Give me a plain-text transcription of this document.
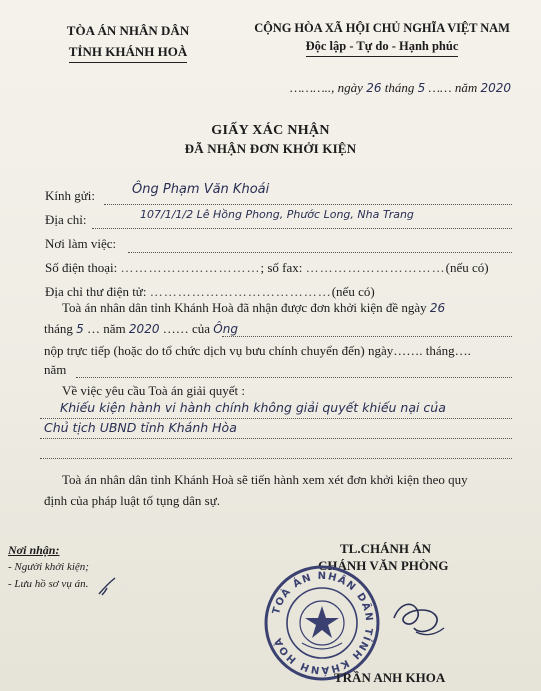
TÒA ÁN NHÂN DÂN
TỈNH KHÁNH HOÀ
CỘNG HÒA XÃ HỘI CHỦ NGHĨA VIỆT NAM
Độc lập - Tự do - Hạnh phúc
……….., ngày 26 tháng 5 …… năm 2020
GIẤY XÁC NHẬN
ĐÃ NHẬN ĐƠN KHỞI KIỆN
Kính gửi:	Ông Phạm Văn Khoái
Địa chỉ:	107/1/1/2 Lê Hồng Phong, Phước Long, Nha Trang
Nơi làm việc:
Số điện thoại: …………………………; số fax: …………………………(nếu có)
Địa chỉ thư điện tử: …………………………………(nếu có)
Toà án nhân dân tỉnh Khánh Hoà đã nhận được đơn khởi kiện đề ngày 26
tháng 5 … năm 2020 …… của Ông
nộp trực tiếp (hoặc do tổ chức dịch vụ bưu chính chuyển đến) ngày……. tháng….
năm
Về việc yêu cầu Toà án giải quyết :
Khiếu kiện hành vi hành chính không giải quyết khiếu nại của
Chủ tịch UBND tỉnh Khánh Hòa
Toà án nhân dân tỉnh Khánh Hoà sẽ tiến hành xem xét đơn khởi kiện theo quy
định của pháp luật tố tụng dân sự.
Nơi nhận:
- Người khởi kiện;
- Lưu hồ sơ vụ án.
TL.CHÁNH ÁN
CHÁNH VĂN PHÒNG
TOÀ ÁN NHÂN DÂN TỈNH KHÁNH HOÀ
TRẦN ANH KHOA
